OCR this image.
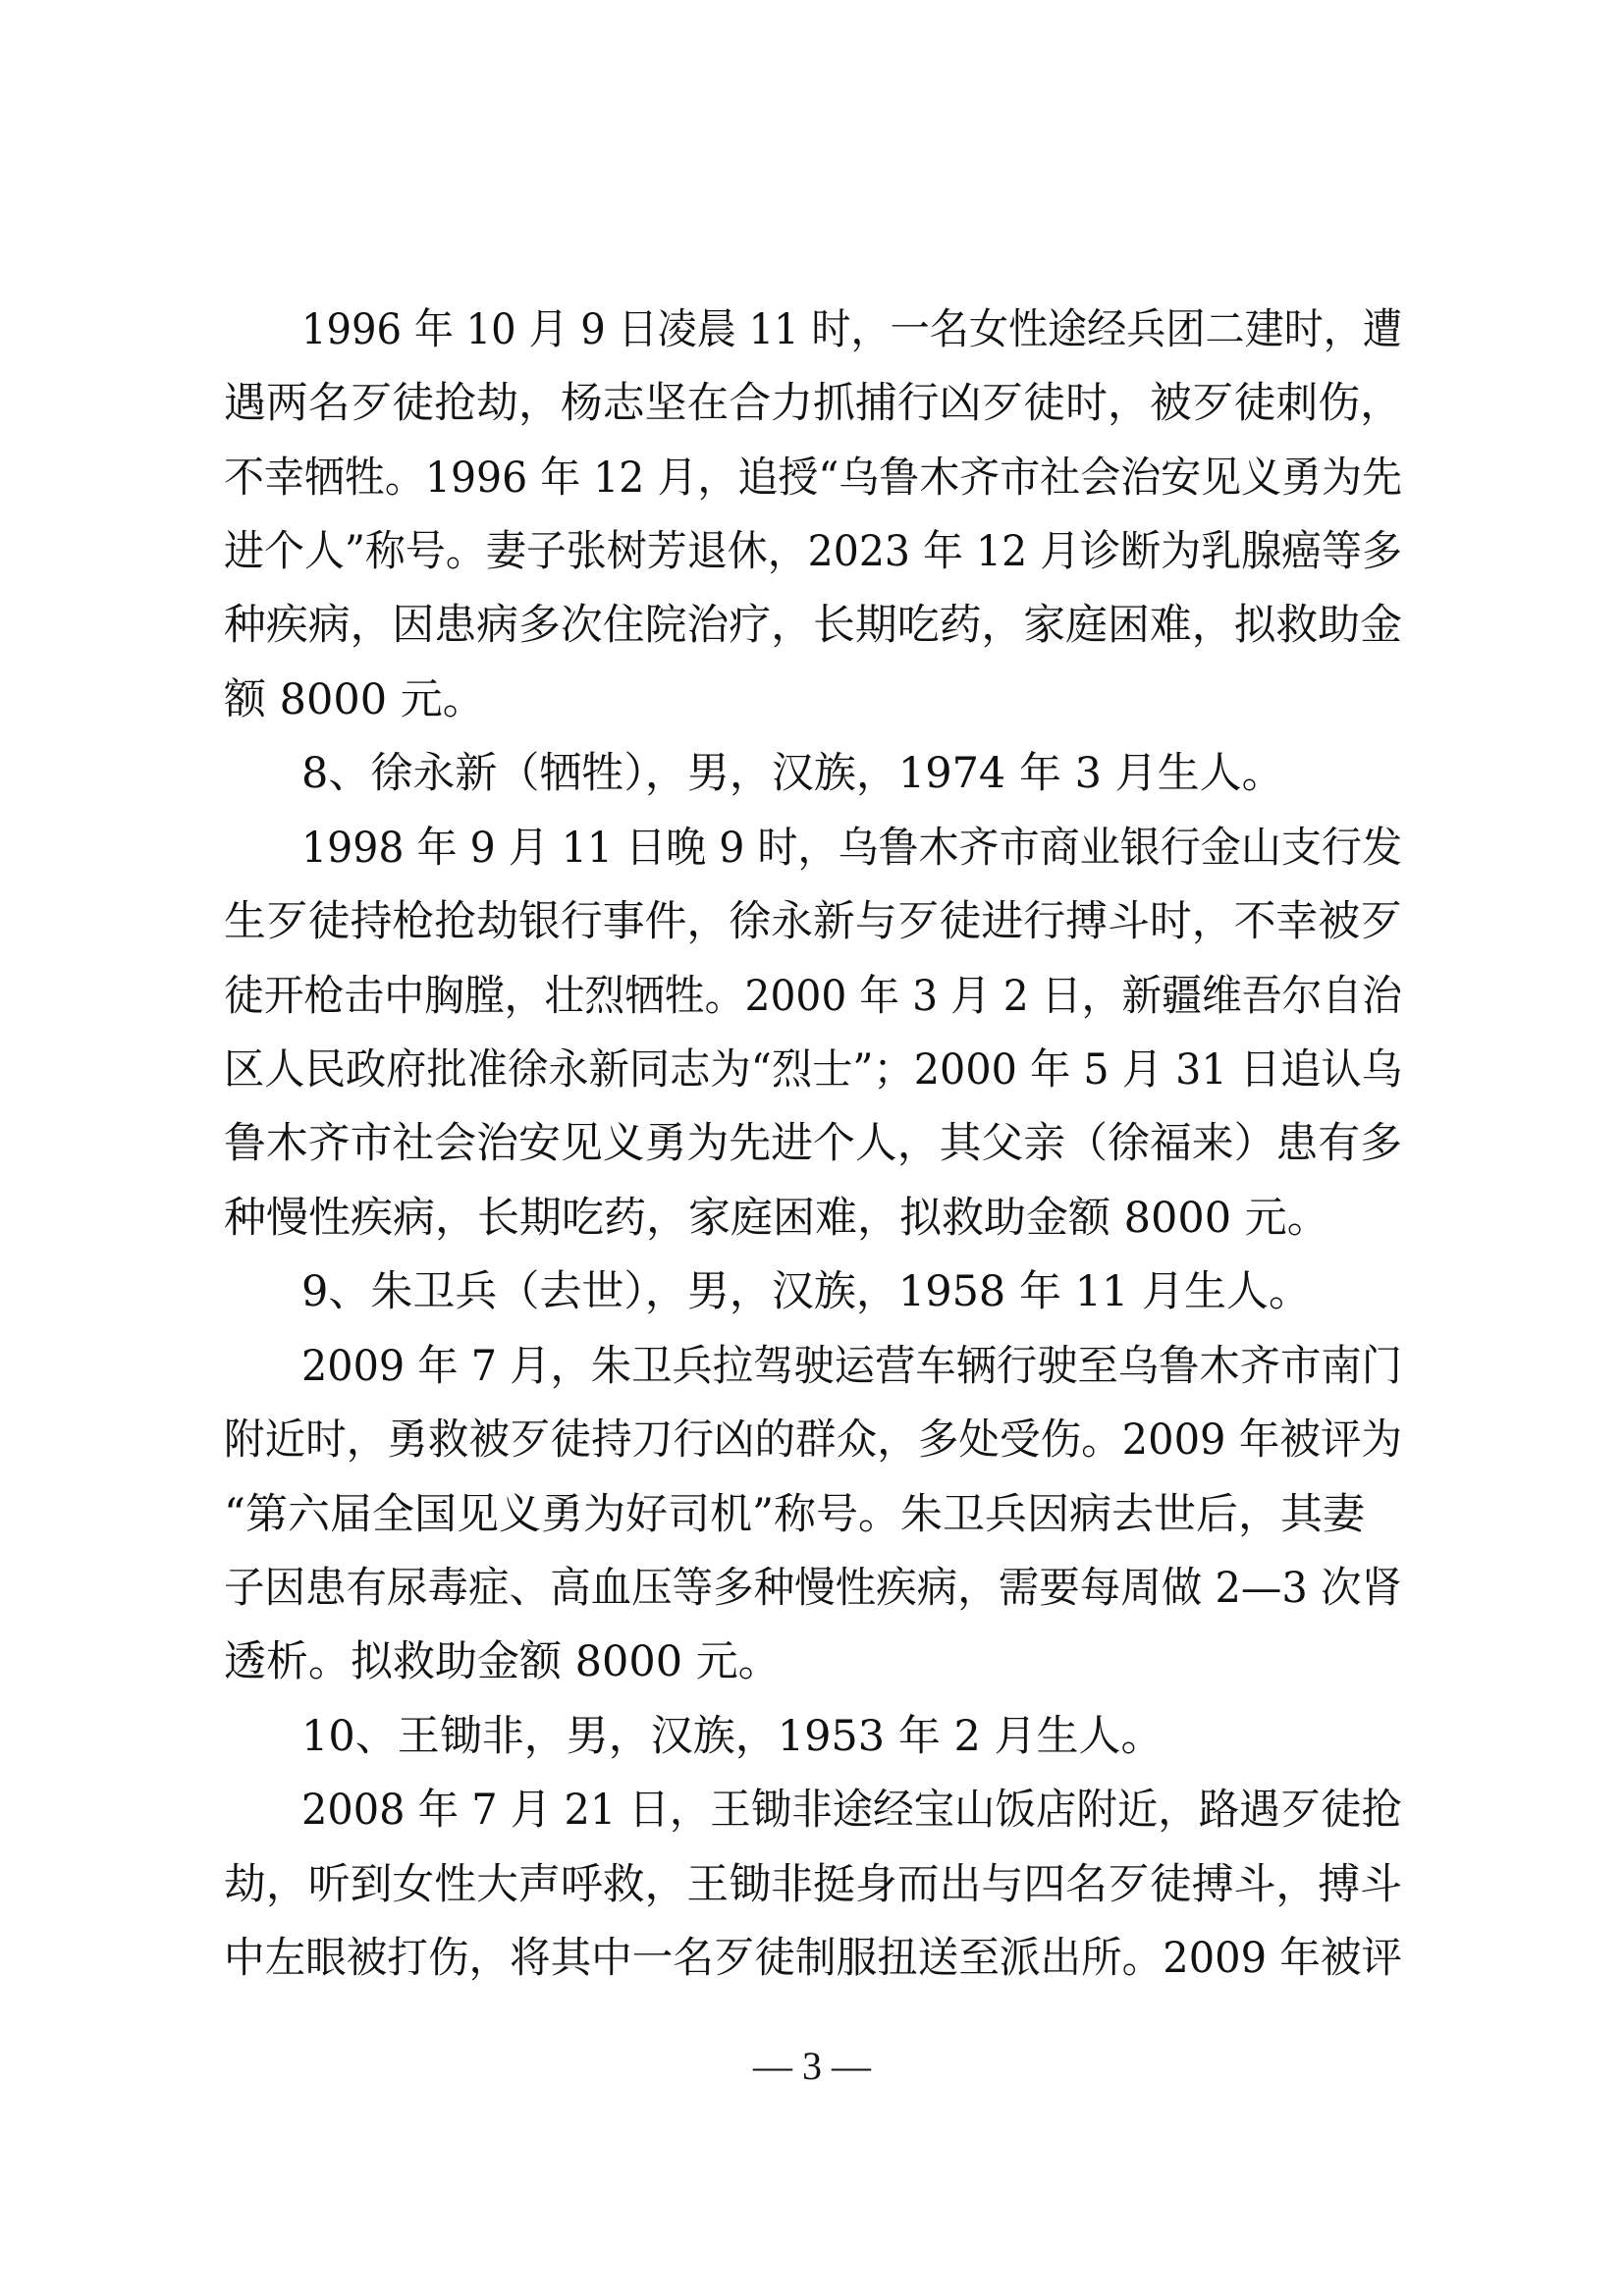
1996 年 10 月 9 日凌晨 11 时，一名女性途经兵团二建时，遭
遇两名歹徒抢劫，杨志坚在合力抓捕行凶歹徒时，被歹徒刺伤，
不幸牺牲。1996 年 12 月，追授“乌鲁木齐市社会治安见义勇为先
进个人”称号。妻子张树芳退休，2023 年 12 月诊断为乳腺癌等多
种疾病，因患病多次住院治疗，长期吃药，家庭困难，拟救助金
额 8000 元。
8、徐永新（牺牲），男，汉族，1974 年 3 月生人。
1998 年 9 月 11 日晚 9 时，乌鲁木齐市商业银行金山支行发
生歹徒持枪抢劫银行事件，徐永新与歹徒进行搏斗时，不幸被歹
徒开枪击中胸膛，壮烈牺牲。2000 年 3 月 2 日，新疆维吾尔自治
区人民政府批准徐永新同志为“烈士”；2000 年 5 月 31 日追认乌
鲁木齐市社会治安见义勇为先进个人，其父亲（徐福来）患有多
种慢性疾病，长期吃药，家庭困难，拟救助金额 8000 元。
9、朱卫兵（去世），男，汉族，1958 年 11 月生人。
2009 年 7 月，朱卫兵拉驾驶运营车辆行驶至乌鲁木齐市南门
附近时，勇救被歹徒持刀行凶的群众，多处受伤。2009 年被评为
“第六届全国见义勇为好司机”称号。朱卫兵因病去世后，其妻
子因患有尿毒症、高血压等多种慢性疾病，需要每周做 2—3 次肾
透析。拟救助金额 8000 元。
10、王锄非，男，汉族，1953 年 2 月生人。
2008 年 7 月 21 日，王锄非途经宝山饭店附近，路遇歹徒抢
劫，听到女性大声呼救，王锄非挺身而出与四名歹徒搏斗，搏斗
中左眼被打伤，将其中一名歹徒制服扭送至派出所。2009 年被评
— 3 —
